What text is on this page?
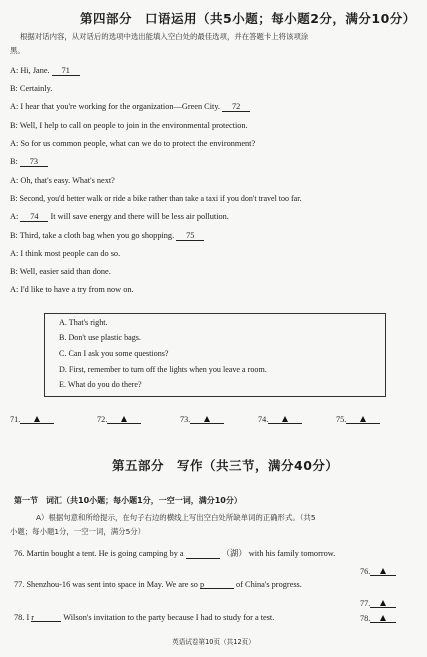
第四部分　口语运用（共5小题；每小题2分，满分10分）
根据对话内容，从对话后的选项中选出能填入空白处的最佳选项，并在答题卡上将该项涂
黑。
A: Hi, Jane. 71
B: Certainly.
A: I hear that you're working for the organization—Green City. 72
B: Well, I help to call on people to join in the environmental protection.
A: So for us common people, what can we do to protect the environment?
B: 73
A: Oh, that's easy. What's next?
B: Second, you'd better walk or ride a bike rather than take a taxi if you don't travel too far.
A: 74 It will save energy and there will be less air pollution.
B: Third, take a cloth bag when you go shopping. 75
A: I think most people can do so.
B: Well, easier said than done.
A: I'd like to have a try from now on.
A. That's right.
B. Don't use plastic bags.
C. Can I ask you some questions?
D. First, remember to turn off the lights when you leave a room.
E. What do you do there?
71.	72.	73.	74.	75.
第五部分　写作（共三节，满分40分）
第一节　词汇（共10小题；每小题1分，一空一词，满分10分）
A）根据句意和所给提示，在句子右边的横线上写出空白处所缺单词的正确形式。（共5
小题；每小题1分，一空一词，满分5分）
76. Martin bought a tent. He is going camping by a	（湖） with his family tomorrow.
76.
77. Shenzhou-16 was sent into space in May. We are so p	of China's progress.
77.
78. I r	Wilson's invitation to the party because I had to study for a test.	78.
英语试卷第10页（共12页）
